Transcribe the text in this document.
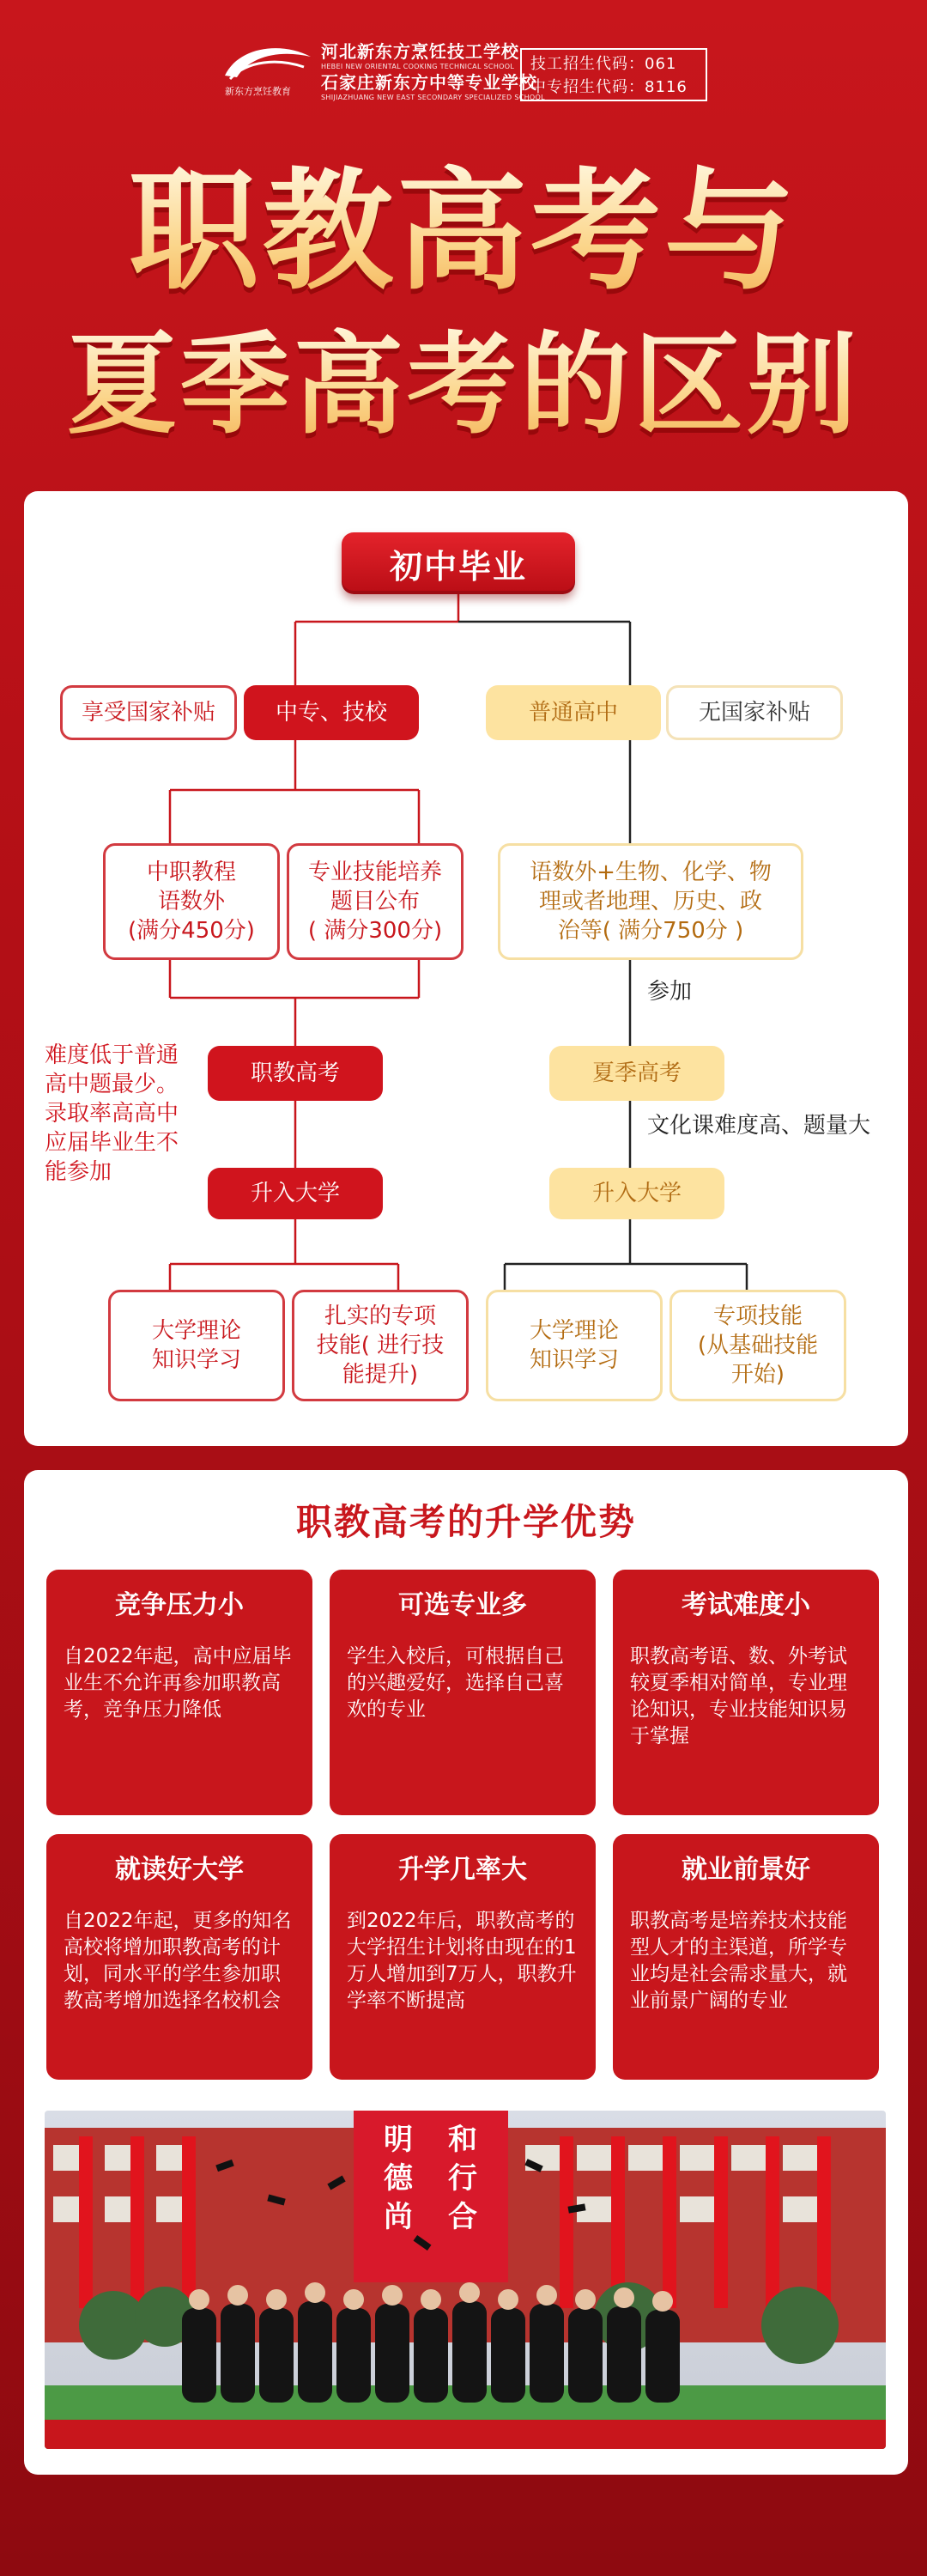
新东方烹饪教育
河北新东方烹饪技工学校
HEBEI NEW ORIENTAL COOKING TECHNICAL SCHOOL
石家庄新东方中等专业学校
SHIJIAZHUANG NEW EAST SECONDARY SPECIALIZED SCHOOL
技工招生代码：061
中专招生代码：8116
职教高考与
夏季高考的区别
初中毕业
享受国家补贴	中专、技校
中职教程
语数外
(满分450分)
专业技能培养
题目公布
( 满分300分)
难度低于普通
高中题最少。
录取率高高中
应届毕业生不
能参加
职教高考
升入大学
大学理论
知识学习
扎实的专项
技能( 进行技
能提升)
普通高中	无国家补贴
语数外+生物、化学、物
理或者地理、历史、政
治等( 满分750分 )
参加
夏季高考
文化课难度高、题量大
升入大学
大学理论
知识学习
专项技能
(从基础技能
开始)
职教高考的升学优势
竞争压力小
自2022年起，高中应届毕业生不允许再参加职教高考，竞争压力降低
可选专业多
学生入校后，可根据自己的兴趣爱好，选择自己喜欢的专业
考试难度小
职教高考语、数、外考试较夏季相对简单，专业理论知识，专业技能知识易于掌握
就读好大学
自2022年起，更多的知名高校将增加职教高考的计划，同水平的学生参加职教高考增加选择名校机会
升学几率大
到2022年后，职教高考的大学招生计划将由现在的1万人增加到7万人，职教升学率不断提高
就业前景好
职教高考是培养技术技能型人才的主渠道，所学专业均是社会需求量大，就业前景广阔的专业
明
德
尚
和
行
合
